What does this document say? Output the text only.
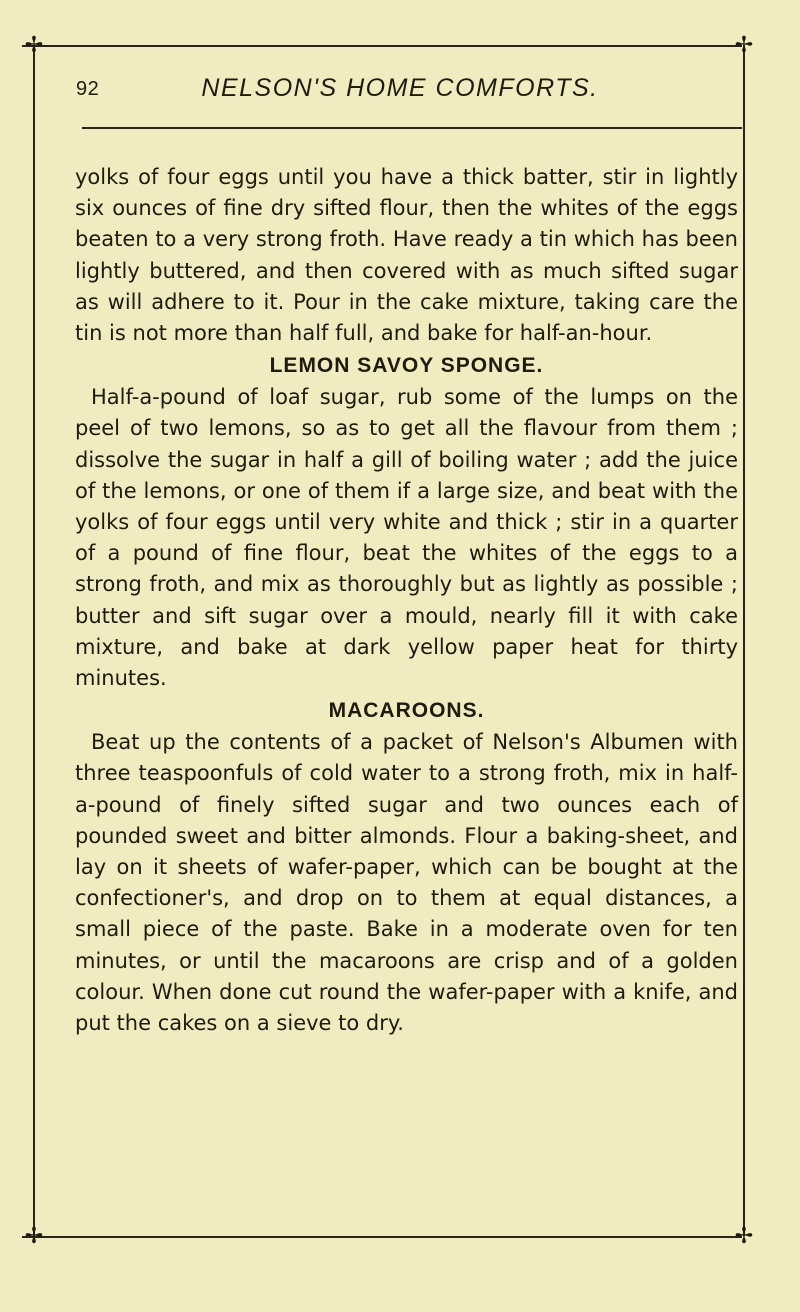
✢	✢
✢	✢
92	NELSON'S HOME COMFORTS.

yolks of four eggs until you have a thick batter, stir in lightly six ounces of fine dry sifted flour, then the whites of the eggs beaten to a very strong froth. Have ready a tin which has been lightly buttered, and then covered with as much sifted sugar as will adhere to it. Pour in the cake mixture, taking care the tin is not more than half full, and bake for half-an-hour.

LEMON SAVOY SPONGE.

Half-a-pound of loaf sugar, rub some of the lumps on the peel of two lemons, so as to get all the flavour from them ; dissolve the sugar in half a gill of boiling water ; add the juice of the lemons, or one of them if a large size, and beat with the yolks of four eggs until very white and thick ; stir in a quarter of a pound of fine flour, beat the whites of the eggs to a strong froth, and mix as thoroughly but as lightly as possible ; butter and sift sugar over a mould, nearly fill it with cake mixture, and bake at dark yellow paper heat for thirty minutes.

MACAROONS.

Beat up the contents of a packet of Nelson's Albumen with three teaspoonfuls of cold water to a strong froth, mix in half-a-pound of finely sifted sugar and two ounces each of pounded sweet and bitter almonds. Flour a baking-sheet, and lay on it sheets of wafer-paper, which can be bought at the confectioner's, and drop on to them at equal distances, a small piece of the paste. Bake in a moderate oven for ten minutes, or until the macaroons are crisp and of a golden colour. When done cut round the wafer-paper with a knife, and put the cakes on a sieve to dry.
